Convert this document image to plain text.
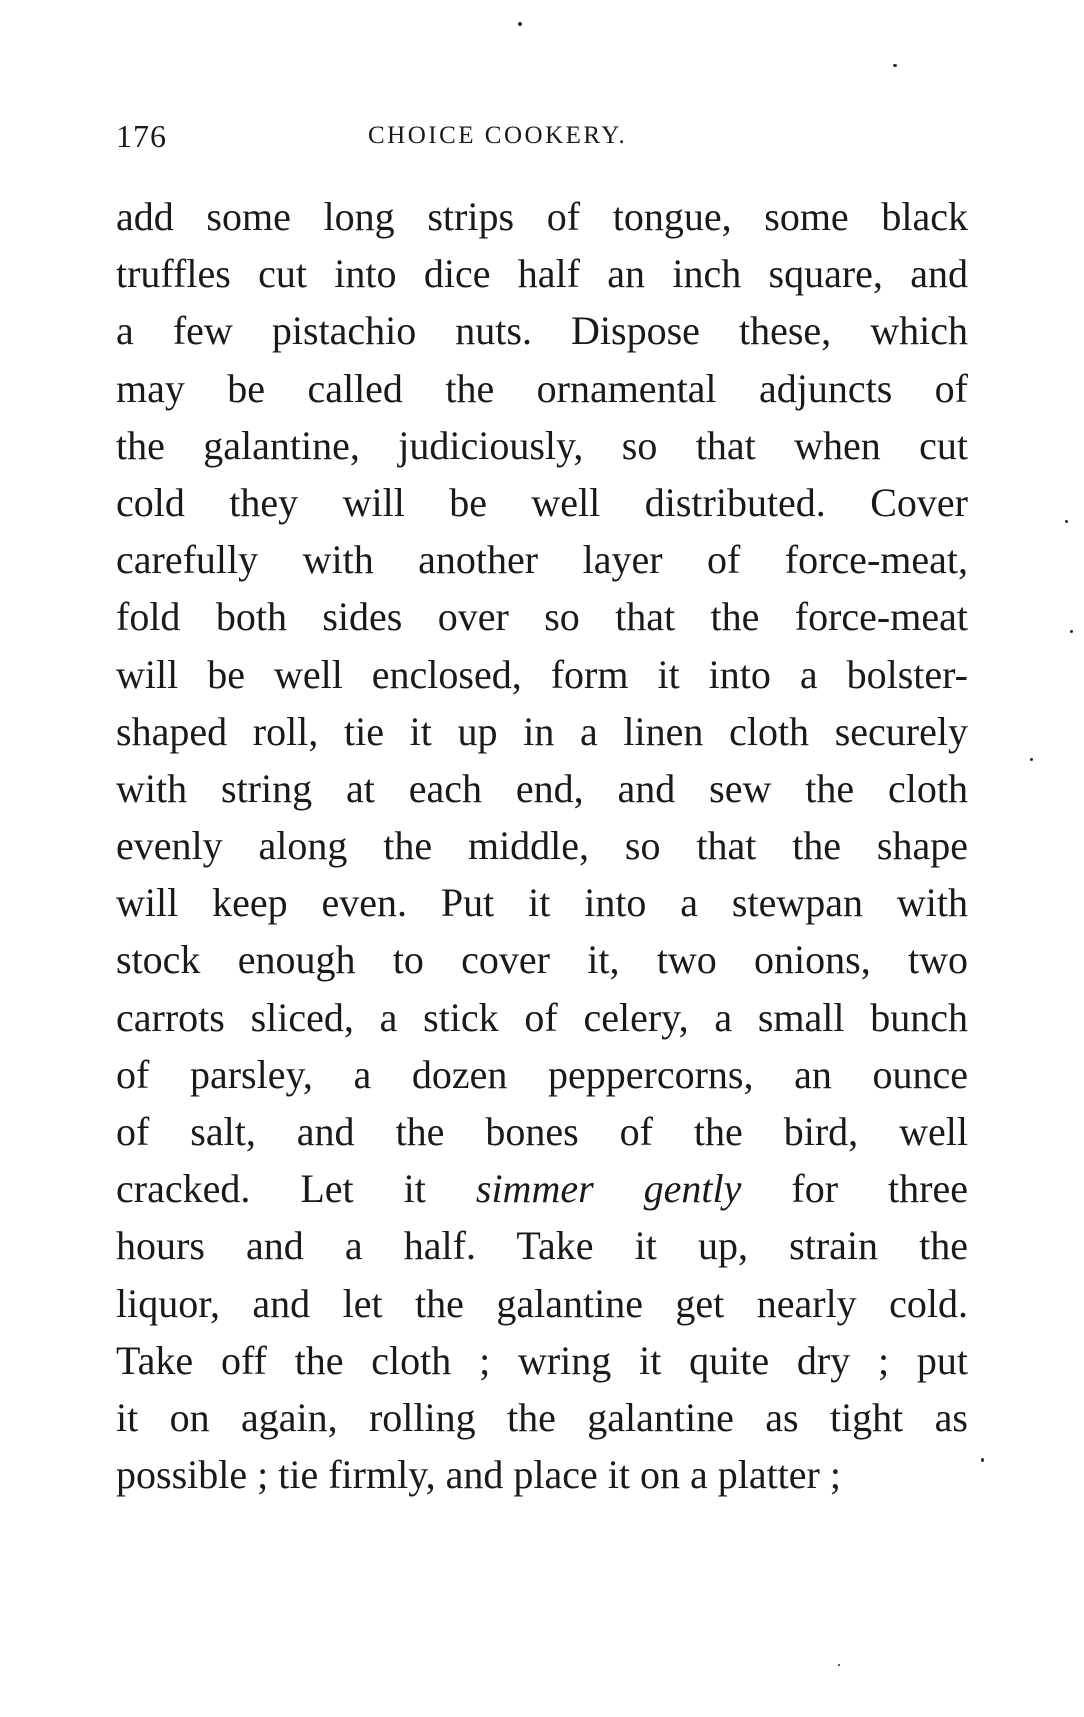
176	CHOICE COOKERY.
add some long strips of tongue, some black
truffles cut into dice half an inch square, and
a few pistachio nuts. Dispose these, which
may be called the ornamental adjuncts of
the galantine, judiciously, so that when cut
cold they will be well distributed. Cover
carefully with another layer of force-meat,
fold both sides over so that the force-meat
will be well enclosed, form it into a bolster-
shaped roll, tie it up in a linen cloth securely
with string at each end, and sew the cloth
evenly along the middle, so that the shape
will keep even. Put it into a stewpan with
stock enough to cover it, two onions, two
carrots sliced, a stick of celery, a small bunch
of parsley, a dozen peppercorns, an ounce
of salt, and the bones of the bird, well
cracked. Let it simmer gently for three
hours and a half. Take it up, strain the
liquor, and let the galantine get nearly cold.
Take off the cloth ; wring it quite dry ; put
it on again, rolling the galantine as tight as
possible ; tie firmly, and place it on a platter ;
